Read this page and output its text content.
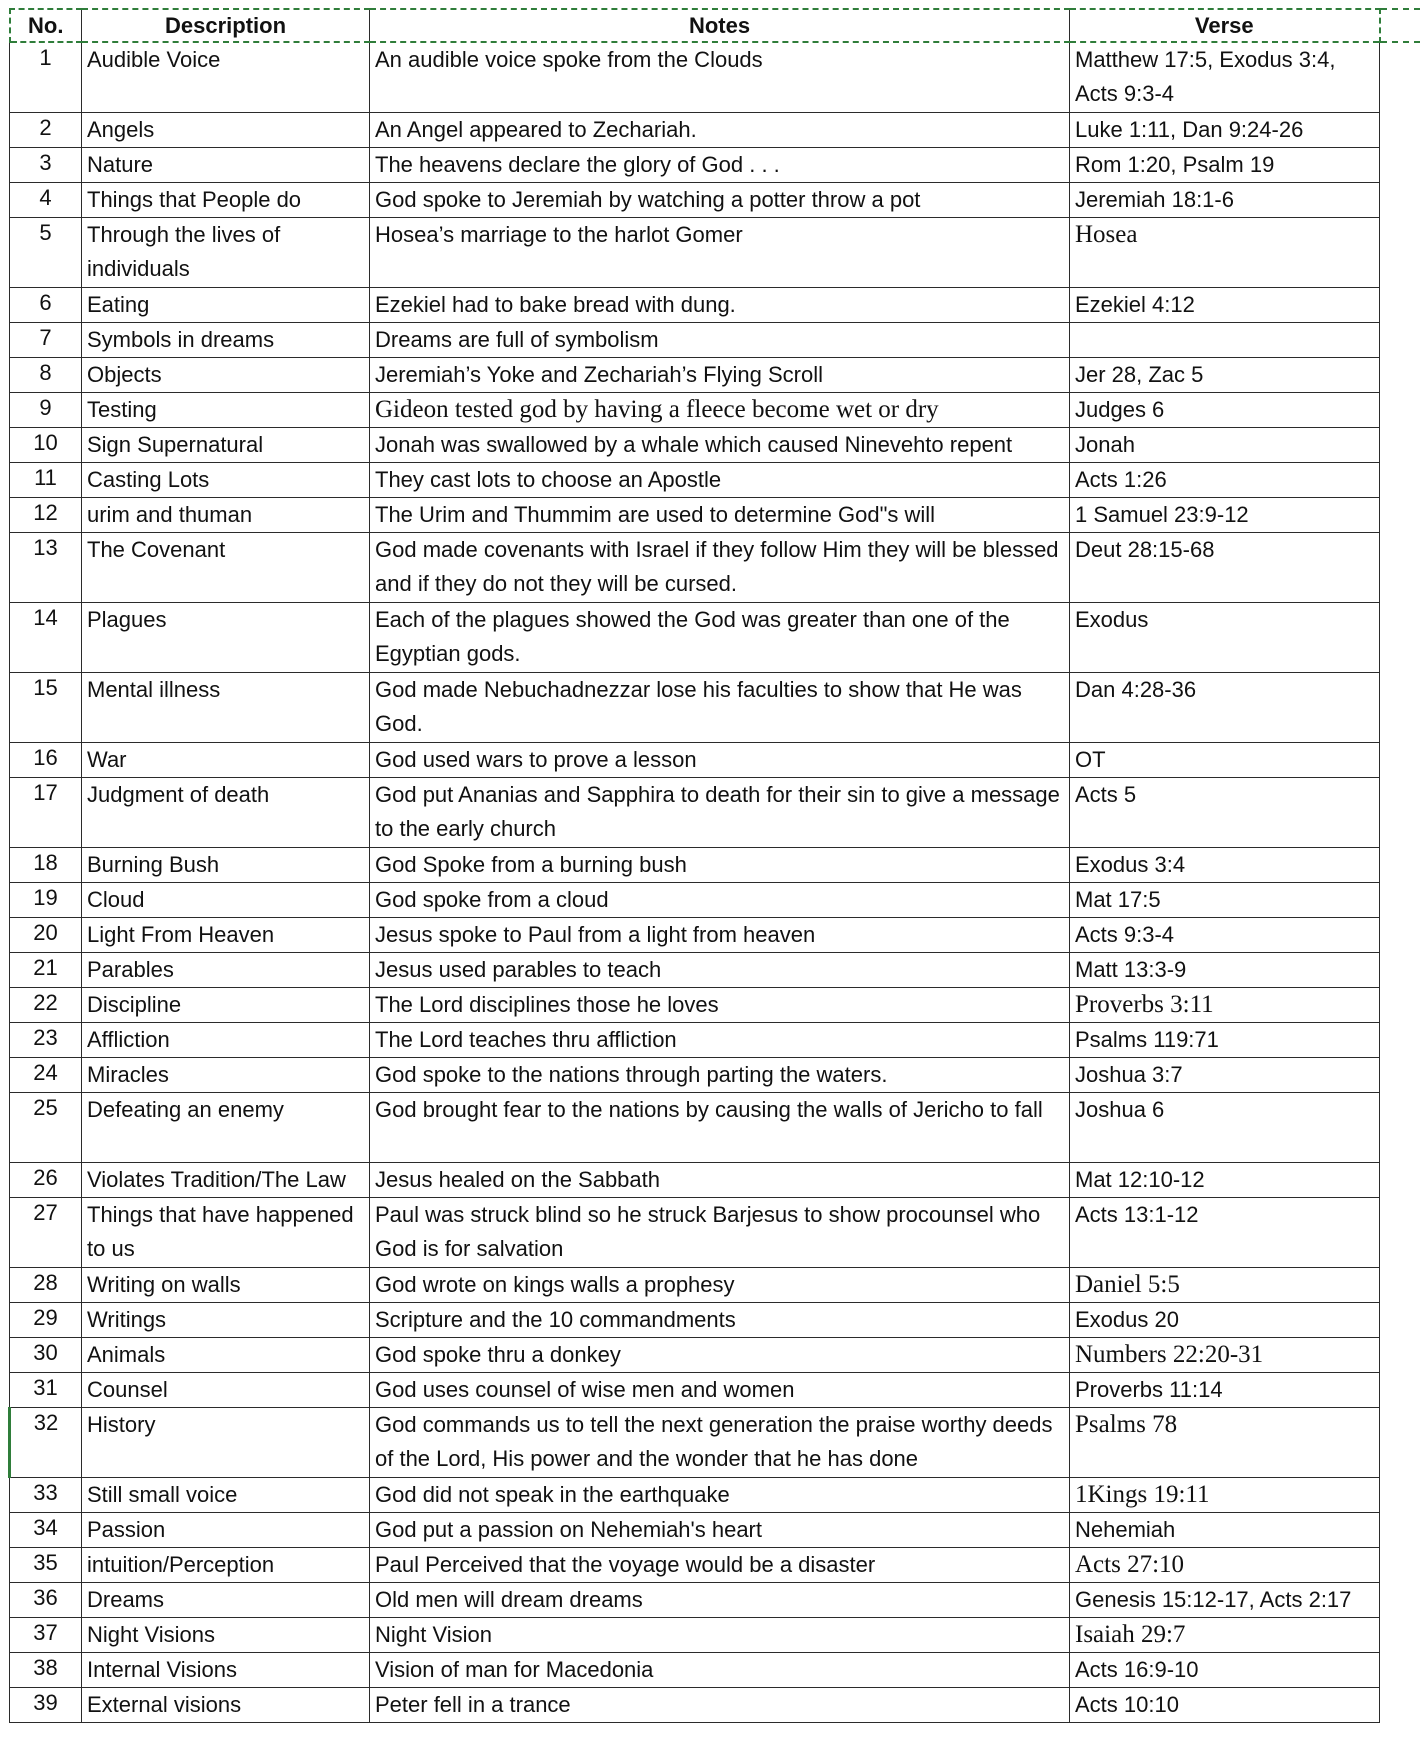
No.	Description	Notes	Verse	
1	Audible Voice	An audible voice spoke from the Clouds	Matthew 17:5, Exodus 3:4, Acts 9:3-4	
2	Angels	An Angel appeared to Zechariah.	Luke 1:11, Dan 9:24-26	
3	Nature	The heavens declare the glory of God . . .	Rom 1:20, Psalm 19	
4	Things that People do	God spoke to Jeremiah by watching a potter throw a pot	Jeremiah 18:1-6	
5	Through the lives of individuals	Hosea’s marriage to the harlot Gomer	Hosea	
6	Eating	Ezekiel had to bake bread with dung.	Ezekiel 4:12	
7	Symbols in dreams	Dreams are full of symbolism		
8	Objects	Jeremiah’s Yoke and Zechariah’s Flying Scroll	Jer 28, Zac 5	
9	Testing	Gideon tested god by having a fleece become wet or dry	Judges 6	
10	Sign Supernatural	Jonah was swallowed by a whale which caused Ninevehto repent	Jonah	
11	Casting Lots	They cast lots to choose an Apostle	Acts 1:26	
12	urim and thuman	The Urim and Thummim are used to determine God"s will	1 Samuel 23:9-12	
13	The Covenant	God made covenants with Israel if they follow Him they will be blessed and if they do not they will be cursed.	Deut 28:15-68	
14	Plagues	Each of the plagues showed the God was greater than one of the Egyptian gods.	Exodus	
15	Mental illness	God made Nebuchadnezzar lose his faculties to show that He was God.	Dan 4:28-36	
16	War	God used wars to prove a lesson	OT	
17	Judgment of death	God put Ananias and Sapphira to death for their sin to give a message to the early church	Acts 5	
18	Burning Bush	God Spoke from a burning bush	Exodus 3:4	
19	Cloud	God spoke from a cloud	Mat 17:5	
20	Light From Heaven	Jesus spoke to Paul from a light from heaven	Acts 9:3-4	
21	Parables	Jesus used parables to teach	Matt 13:3-9	
22	Discipline	The Lord disciplines those he loves	Proverbs 3:11	
23	Affliction	The Lord teaches thru affliction	Psalms 119:71	
24	Miracles	God spoke to the nations through parting the waters.	Joshua 3:7	
25	Defeating an enemy	God brought fear to the nations by causing the walls of Jericho to fall	Joshua 6	
26	Violates Tradition/The Law	Jesus healed on the Sabbath	Mat 12:10-12	
27	Things that have happened to us	Paul was struck blind so he struck Barjesus to show procounsel who God is for salvation	Acts 13:1-12	
28	Writing on walls	God wrote on kings walls a prophesy	Daniel 5:5	
29	Writings	Scripture and the 10 commandments	Exodus 20	
30	Animals	God spoke thru a donkey	Numbers 22:20-31	
31	Counsel	God uses counsel of wise men and women	Proverbs 11:14	
32	History	God commands us to tell the next generation the praise worthy deeds of the Lord, His power and the wonder that he has done	Psalms 78	
33	Still small voice	God did not speak in the earthquake	1Kings 19:11	
34	Passion	God put a passion on Nehemiah's heart	Nehemiah	
35	intuition/Perception	Paul Perceived that the voyage would be a disaster	Acts 27:10	
36	Dreams	Old men will dream dreams	Genesis 15:12-17, Acts 2:17	
37	Night Visions	Night Vision	Isaiah 29:7	
38	Internal Visions	Vision of man for Macedonia	Acts 16:9-10	
39	External visions	Peter fell in a trance	Acts 10:10	
